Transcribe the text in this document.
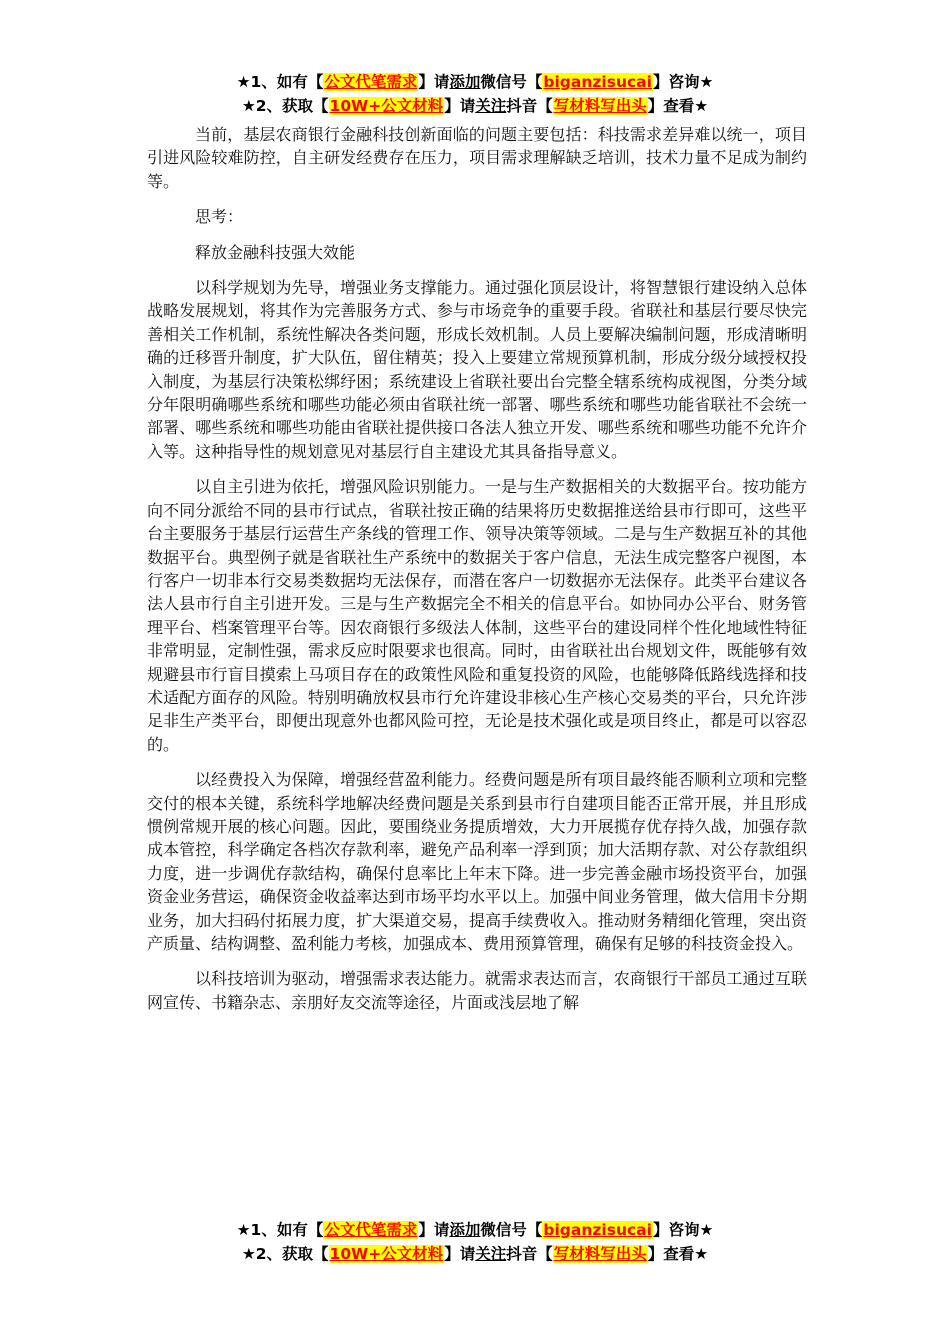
★1、如有【公文代笔需求】请添加微信号【biganzisucai】咨询★
★2、获取【10W+公文材料】请关注抖音【写材料写出头】查看★

当前，基层农商银行金融科技创新面临的问题主要包括：科技需求差异难以统一，项目引进风险较难防控，自主研发经费存在压力，项目需求理解缺乏培训，技术力量不足成为制约等。

思考：

释放金融科技强大效能

以科学规划为先导，增强业务支撑能力。通过强化顶层设计，将智慧银行建设纳入总体战略发展规划，将其作为完善服务方式、参与市场竞争的重要手段。省联社和基层行要尽快完善相关工作机制，系统性解决各类问题，形成长效机制。人员上要解决编制问题，形成清晰明确的迁移晋升制度，扩大队伍，留住精英；投入上要建立常规预算机制，形成分级分域授权投入制度，为基层行决策松绑纾困；系统建设上省联社要出台完整全辖系统构成视图，分类分域分年限明确哪些系统和哪些功能必须由省联社统一部署、哪些系统和哪些功能省联社不会统一部署、哪些系统和哪些功能由省联社提供接口各法人独立开发、哪些系统和哪些功能不允许介入等。这种指导性的规划意见对基层行自主建设尤其具备指导意义。

以自主引进为依托，增强风险识别能力。一是与生产数据相关的大数据平台。按功能方向不同分派给不同的县市行试点，省联社按正确的结果将历史数据推送给县市行即可，这些平台主要服务于基层行运营生产条线的管理工作、领导决策等领域。二是与生产数据互补的其他数据平台。典型例子就是省联社生产系统中的数据关于客户信息，无法生成完整客户视图，本行客户一切非本行交易类数据均无法保存，而潜在客户一切数据亦无法保存。此类平台建议各法人县市行自主引进开发。三是与生产数据完全不相关的信息平台。如协同办公平台、财务管理平台、档案管理平台等。因农商银行多级法人体制，这些平台的建设同样个性化地域性特征非常明显，定制性强，需求反应时限要求也很高。同时，由省联社出台规划文件，既能够有效规避县市行盲目摸索上马项目存在的政策性风险和重复投资的风险，也能够降低路线选择和技术适配方面存的风险。特别明确放权县市行允许建设非核心生产核心交易类的平台，只允许涉足非生产类平台，即便出现意外也都风险可控，无论是技术强化或是项目终止，都是可以容忍的。

以经费投入为保障，增强经营盈利能力。经费问题是所有项目最终能否顺利立项和完整交付的根本关键，系统科学地解决经费问题是关系到县市行自建项目能否正常开展，并且形成惯例常规开展的核心问题。因此，要围绕业务提质增效，大力开展揽存优存持久战，加强存款成本管控，科学确定各档次存款利率，避免产品利率一浮到顶；加大活期存款、对公存款组织力度，进一步调优存款结构，确保付息率比上年末下降。进一步完善金融市场投资平台，加强资金业务营运，确保资金收益率达到市场平均水平以上。加强中间业务管理，做大信用卡分期业务，加大扫码付拓展力度，扩大渠道交易，提高手续费收入。推动财务精细化管理，突出资产质量、结构调整、盈利能力考核，加强成本、费用预算管理，确保有足够的科技资金投入。

以科技培训为驱动，增强需求表达能力。就需求表达而言，农商银行干部员工通过互联网宣传、书籍杂志、亲朋好友交流等途径，片面或浅层地了解

★1、如有【公文代笔需求】请添加微信号【biganzisucai】咨询★
★2、获取【10W+公文材料】请关注抖音【写材料写出头】查看★
